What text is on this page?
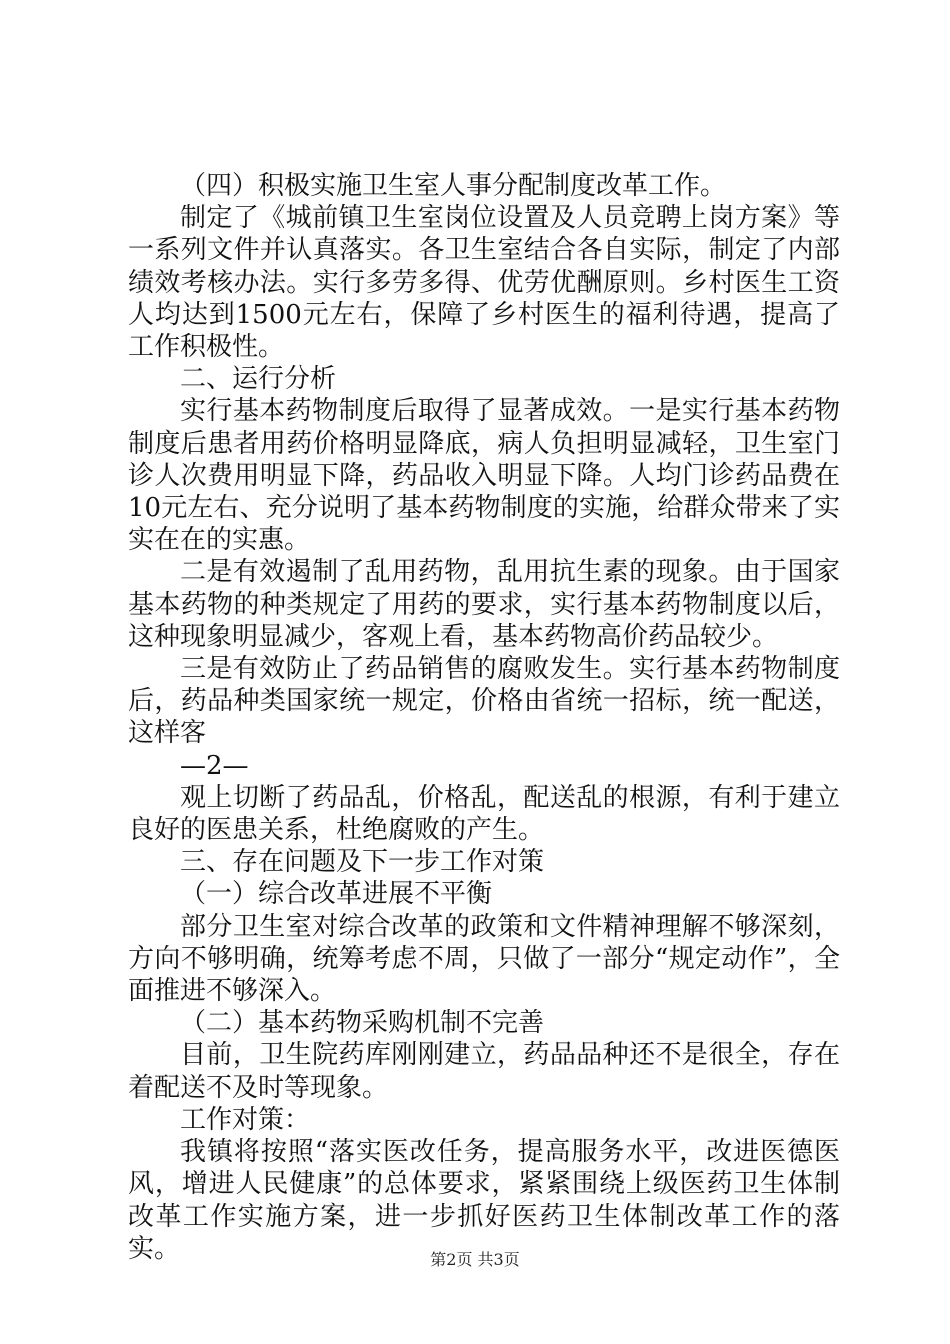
（四）积极实施卫生室人事分配制度改革工作。

制定了《城前镇卫生室岗位设置及人员竞聘上岗方案》等一系列文件并认真落实。各卫生室结合各自实际，制定了内部绩效考核办法。实行多劳多得、优劳优酬原则。乡村医生工资人均达到1500元左右，保障了乡村医生的福利待遇，提高了工作积极性。

二、运行分析

实行基本药物制度后取得了显著成效。一是实行基本药物制度后患者用药价格明显降底，病人负担明显减轻，卫生室门诊人次费用明显下降，药品收入明显下降。人均门诊药品费在10元左右、充分说明了基本药物制度的实施，给群众带来了实实在在的实惠。

二是有效遏制了乱用药物，乱用抗生素的现象。由于国家基本药物的种类规定了用药的要求，实行基本药物制度以后，这种现象明显减少，客观上看，基本药物高价药品较少。

三是有效防止了药品销售的腐败发生。实行基本药物制度后，药品种类国家统一规定，价格由省统一招标，统一配送，这样客

—2—

观上切断了药品乱，价格乱，配送乱的根源，有利于建立良好的医患关系，杜绝腐败的产生。

三、存在问题及下一步工作对策

（一）综合改革进展不平衡

部分卫生室对综合改革的政策和文件精神理解不够深刻，方向不够明确，统筹考虑不周，只做了一部分“规定动作”，全面推进不够深入。

（二）基本药物采购机制不完善

目前，卫生院药库刚刚建立，药品品种还不是很全，存在着配送不及时等现象。

工作对策：

我镇将按照“落实医改任务，提高服务水平，改进医德医风，增进人民健康”的总体要求，紧紧围绕上级医药卫生体制改革工作实施方案，进一步抓好医药卫生体制改革工作的落实。	第2页 共3页
